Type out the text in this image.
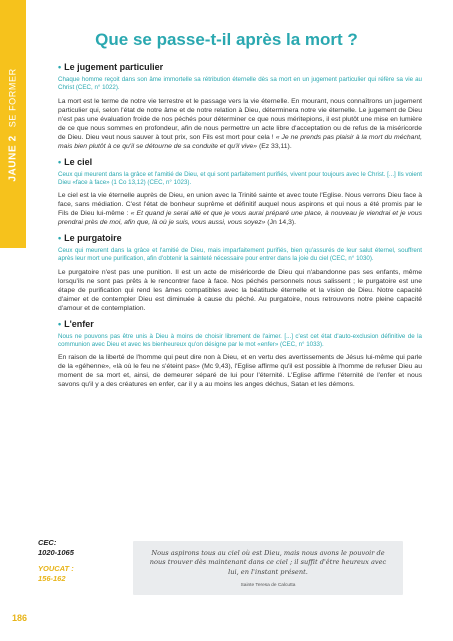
JAUNE 2SE FORMER
Que se passe-t-il après la mort ?

• Le jugement particulier

Chaque homme reçoit dans son âme immortelle sa rétribution éternelle dès sa mort en un jugement particulier qui réfère sa vie au Christ (CEC, n° 1022).

La mort est le terme de notre vie terrestre et le passage vers la vie éternelle. En mourant, nous connaîtrons un jugement particulier qui, selon l'état de notre âme et de notre relation à Dieu, déterminera notre vie éternelle. Le jugement de Dieu n'est pas une évaluation froide de nos péchés pour déterminer ce que nous méritерions, il est plutôt une mise en lumière de ce que nous sommes en profondeur, afin de nous permettre un acte libre d'acceptation ou de refus de la miséricorde de Dieu. Dieu veut nous sauver à tout prix, son Fils est mort pour cela ! « Je ne prends pas plaisir à la mort du méchant, mais bien plutôt à ce qu'il se détourne de sa conduite et qu'il vive» (Ez 33,11).

• Le ciel

Ceux qui meurent dans la grâce et l'amitié de Dieu, et qui sont parfaitement purifiés, vivent pour toujours avec le Christ. [...] Ils voient Dieu «face à face» (1 Co 13,12) (CEC, n° 1023).

Le ciel est la vie éternelle auprès de Dieu, en union avec la Trinité sainte et avec toute l'Eglise. Nous verrons Dieu face à face, sans médiation. C'est l'état de bonheur suprême et définitif auquel nous aspirons et qui nous a été promis par le Fils de Dieu lui-même : « Et quand je serai allé et que je vous aurai préparé une place, à nouveau je viendrai et je vous prendrai près de moi, afin que, là où je suis, vous aussi, vous soyez» (Jn 14,3).

• Le purgatoire

Ceux qui meurent dans la grâce et l'amitié de Dieu, mais imparfaitement purifiés, bien qu'assurés de leur salut éternel, souffrent après leur mort une purification, afin d'obtenir la sainteté nécessaire pour entrer dans la joie du ciel (CEC, n° 1030).

Le purgatoire n'est pas une punition. Il est un acte de miséricorde de Dieu qui n'abandonne pas ses enfants, même lorsqu'ils ne sont pas prêts à le rencontrer face à face. Nos péchés personnels nous salissent ; le purgatoire est une étape de purification qui rend les âmes compatibles avec la béatitude éternelle et la vision de Dieu. Notre capacité d'aimer et de contempler Dieu est diminuée à cause du péché. Au purgatoire, nous retrouvons notre pleine capacité d'amour et de contemplation.

• L'enfer

Nous ne pouvons pas être unis à Dieu à moins de choisir librement de l'aimer. [...] c'est cet état d'auto-exclusion définitive de la communion avec Dieu et avec les bienheureux qu'on désigne par le mot «enfer» (CEC, n° 1033).

En raison de la liberté de l'homme qui peut dire non à Dieu, et en vertu des avertissements de Jésus lui-même qui parle de la «géhenne», «là où le feu ne s'éteint pas» (Mc 9,43), l'Eglise affirme qu'il est possible à l'homme de refuser Dieu au moment de sa mort et, ainsi, de demeurer séparé de lui pour l'éternité. L'Eglise affirme l'éternité de l'enfer et nous savons qu'il y a des créatures en enfer, car il y a au moins les anges déchus, Satan et les démons.

CEC:
1020-1065
YOUCAT :
156-162
Nous aspirons tous au ciel où est Dieu, mais nous avons le pouvoir de nous trouver dès maintenant dans ce ciel ; il suffit d'être heureux avec lui, en l'instant présent.
Sainte Teresa de Calcutta
186
